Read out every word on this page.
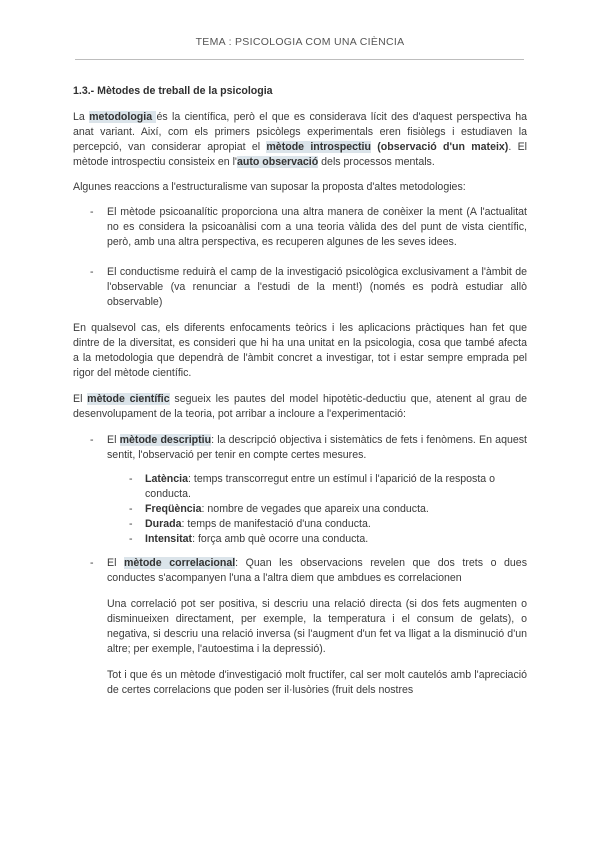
TEMA : PSICOLOGIA COM UNA CIÈNCIA

1.3.- Mètodes de treball de la psicologia

La metodologia és la científica, però el que es considerava lícit des d'aquest perspectiva ha anat variant. Així, com els primers psicòlegs experimentals eren fisiòlegs i estudiaven la percepció, van considerar apropiat el mètode introspectiu (observació d'un mateix). El mètode introspectiu consisteix en l'auto observació dels processos mentals.

Algunes reaccions a l'estructuralisme van suposar la proposta d'altes metodologies:

- El mètode psicoanalític proporciona una altra manera de conèixer la ment (A l'actualitat no es considera la psicoanàlisi com a una teoria vàlida des del punt de vista científic, però, amb una altra perspectiva, es recuperen algunes de les seves idees.
- El conductisme reduirà el camp de la investigació psicològica exclusivament a l'àmbit de l'observable (va renunciar a l'estudi de la ment!) (només es podrà estudiar allò observable)

En qualsevol cas, els diferents enfocaments teòrics i les aplicacions pràctiques han fet que dintre de la diversitat, es consideri que hi ha una unitat en la psicologia, cosa que també afecta a la metodologia que dependrà de l'àmbit concret a investigar, tot i estar sempre emprada pel rigor del mètode científic.

El mètode científic segueix les pautes del model hipotètic-deductiu que, atenent al grau de desenvolupament de la teoria, pot arribar a incloure a l'experimentació:

- El mètode descriptiu: la descripció objectiva i sistemàtics de fets i fenòmens. En aquest sentit, l'observació per tenir en compte certes mesures.
- Latència: temps transcorregut entre un estímul i l'aparició de la resposta o conducta.
- Freqüència: nombre de vegades que apareix una conducta.
- Durada: temps de manifestació d'una conducta.
- Intensitat: força amb què ocorre una conducta.
- El mètode correlacional: Quan les observacions revelen que dos trets o dues conductes s'acompanyen l'una a l'altra diem que ambdues es correlacionen

Una correlació pot ser positiva, si descriu una relació directa (si dos fets augmenten o disminueixen directament, per exemple, la temperatura i el consum de gelats), o negativa, si descriu una relació inversa (si l'augment d'un fet va lligat a la disminució d'un altre; per exemple, l'autoestima i la depressió).

Tot i que és un mètode d'investigació molt fructífer, cal ser molt cautelós amb l'apreciació de certes correlacions que poden ser il·lusòries (fruit dels nostres
